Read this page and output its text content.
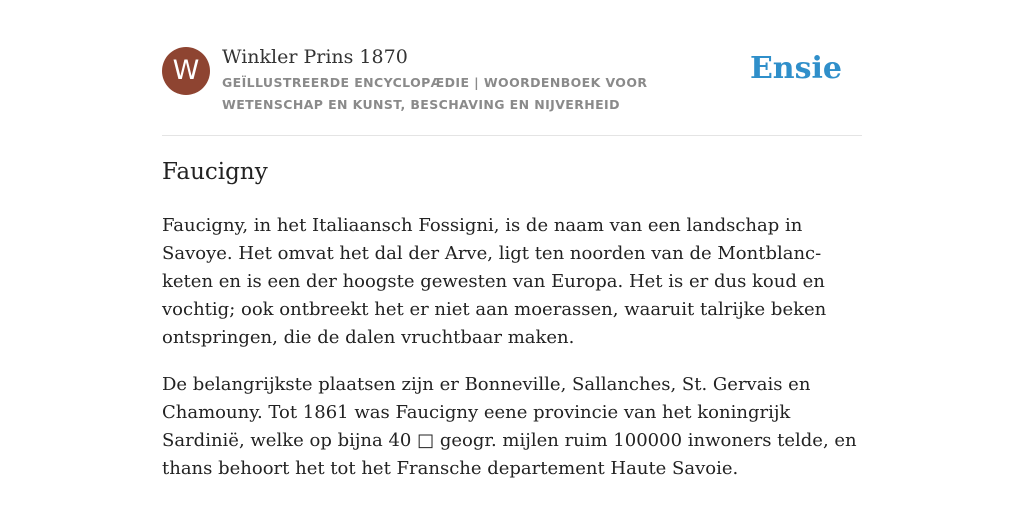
W	Winkler Prins 1870
GEÏLLUSTREERDE ENCYCLOPÆDIE | WOORDENBOEK VOOR WETENSCHAP EN KUNST, BESCHAVING EN NIJVERHEID
Ensie
Faucigny

Faucigny, in het Italiaansch Fossigni, is de naam van een landschap in Savoye. Het omvat het dal der Arve, ligt ten noorden van de Montblanc-keten en is een der hoogste gewesten van Europa. Het is er dus koud en vochtig; ook ontbreekt het er niet aan moerassen, waaruit talrijke beken ontspringen, die de dalen vruchtbaar maken.

De belangrijkste plaatsen zijn er Bonneville, Sallanches, St. Gervais en Chamouny. Tot 1861 was Faucigny eene provincie van het koningrijk Sardinië, welke op bijna 40 □ geogr. mijlen ruim 100000 inwoners telde, en thans behoort het tot het Fransche departement Haute Savoie.
